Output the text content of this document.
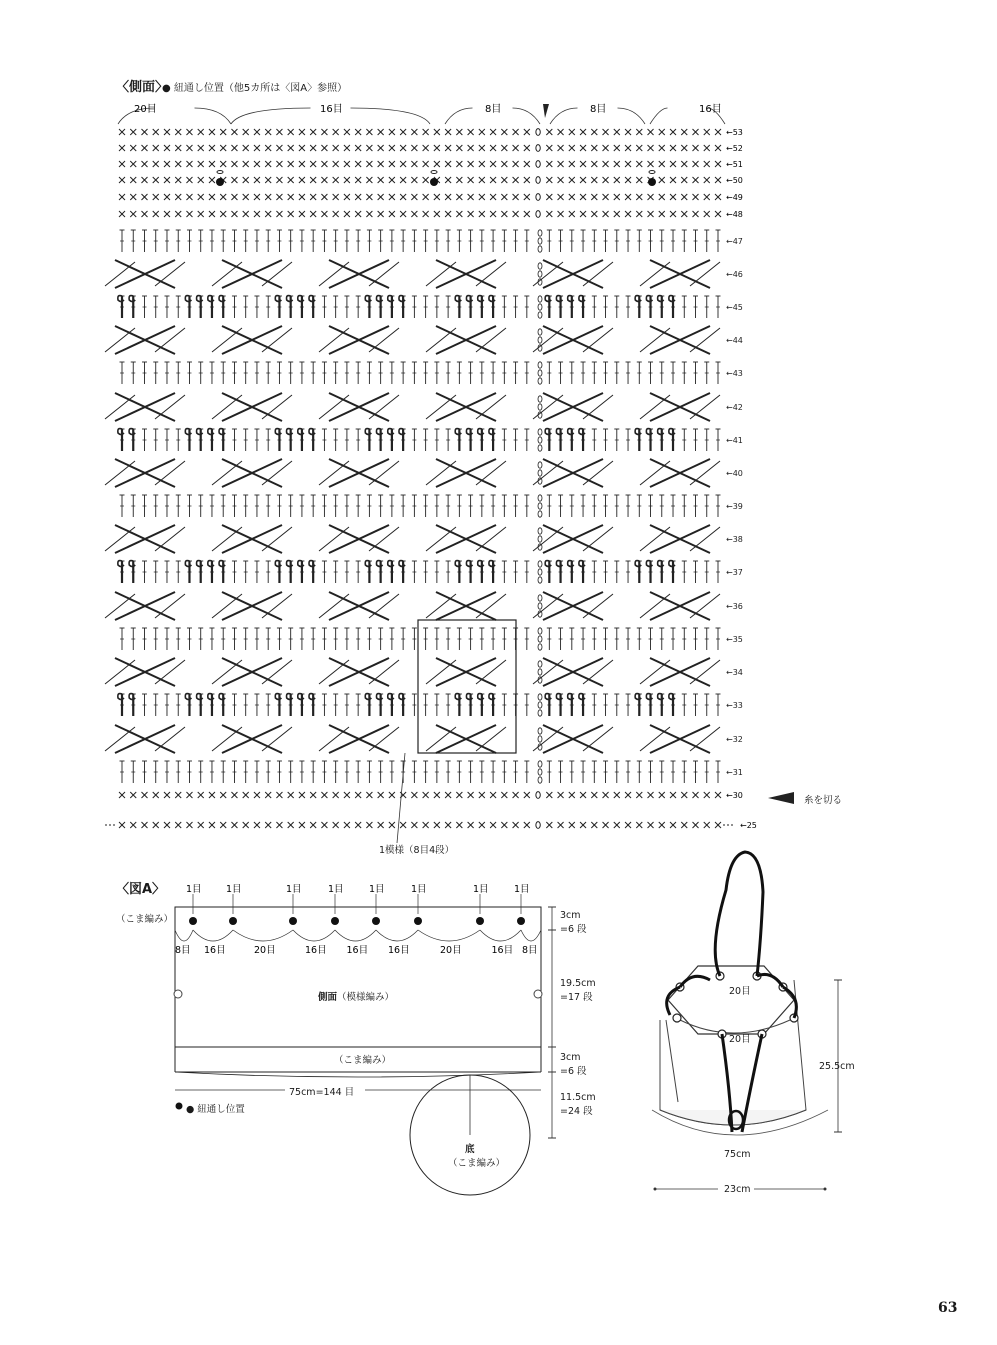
〈側面〉
● 紐通し位置（他5カ所は〈図A〉参照）
20目	16目	8目	8目	16目
←53
←52
←51
←50
←49
←48
←30
←25
←47
←46
←45
←44
←43
←42
←41
←40
←39
←38
←37
←36
←35
←34
←33
←32
←31
糸を切る
1模様（8目4段）
〈図A〉 1目	1目	1目	1目	1目	1目	1目	1目
8目 16目	20目	16目 16目 16目	20目	16目 8目
（こま編み）
側面（模様編み）
（こま編み）
75cm=144 目
● 紐通し位置
3cm
=6 段
19.5cm
=17 段
3cm
=6 段
11.5cm
=24 段
底
（こま編み）
20目
20目
25.5cm
75cm
23cm
63
